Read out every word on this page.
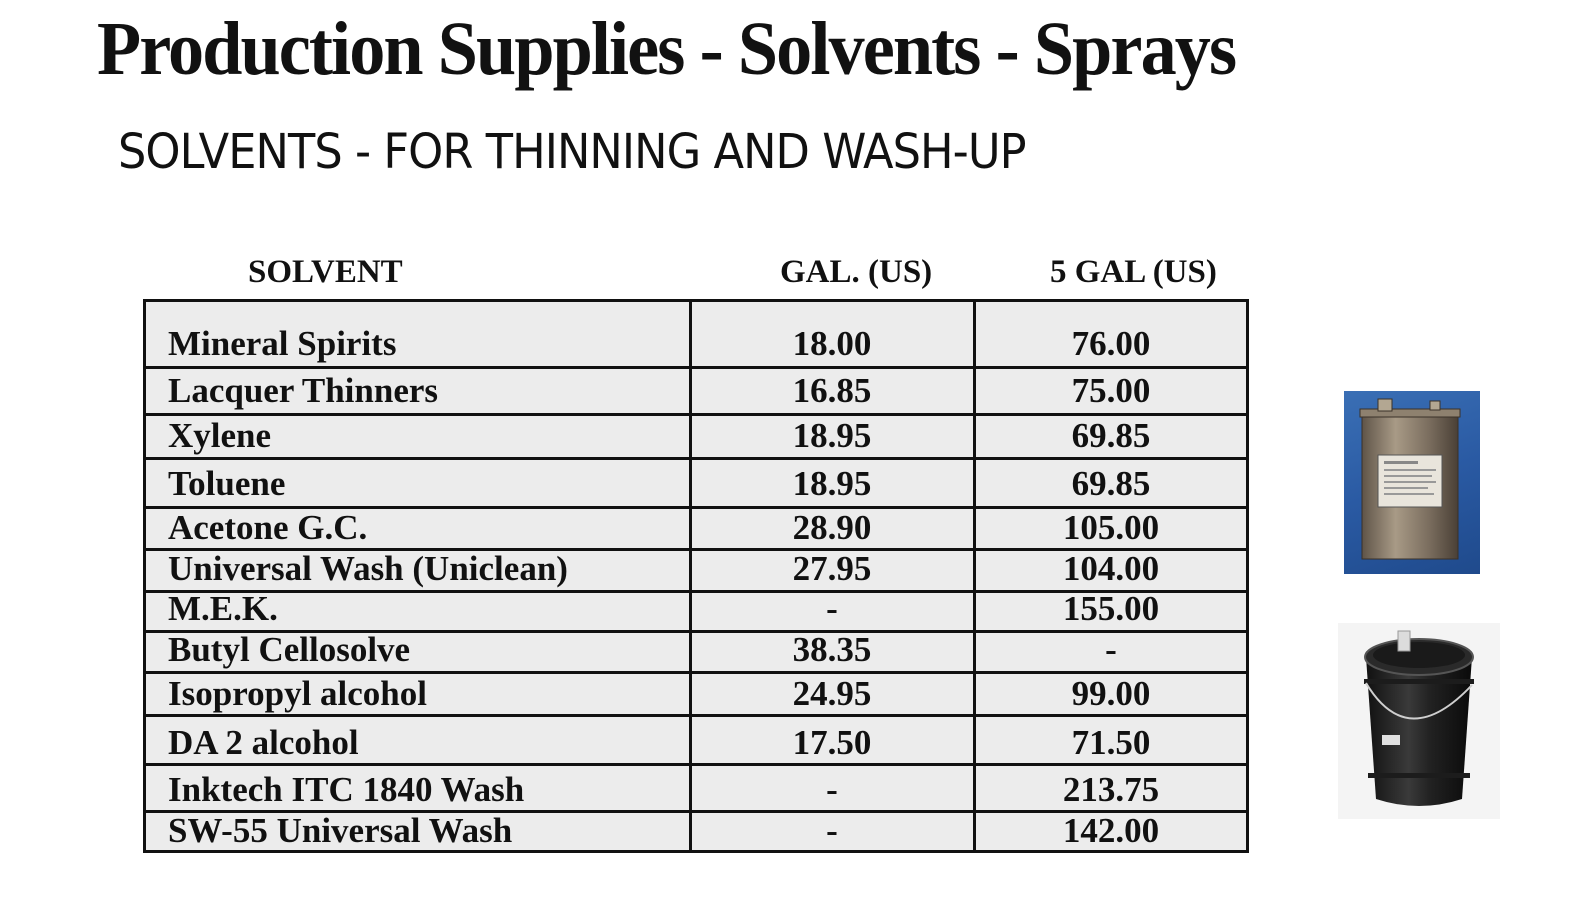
Production Supplies - Solvents - Sprays
SOLVENTS - FOR THINNING AND WASH-UP
SOLVENT	GAL. (US)	5 GAL (US)
Mineral Spirits	18.00	76.00
Lacquer Thinners	16.85	75.00
Xylene	18.95	69.85
Toluene	18.95	69.85
Acetone G.C.	28.90	105.00
Universal Wash (Uniclean)	27.95	104.00
M.E.K.	-	155.00
Butyl Cellosolve	38.35	-
Isopropyl alcohol	24.95	99.00
DA 2 alcohol	17.50	71.50
Inktech ITC 1840 Wash	-	213.75
SW-55 Universal Wash	-	142.00
